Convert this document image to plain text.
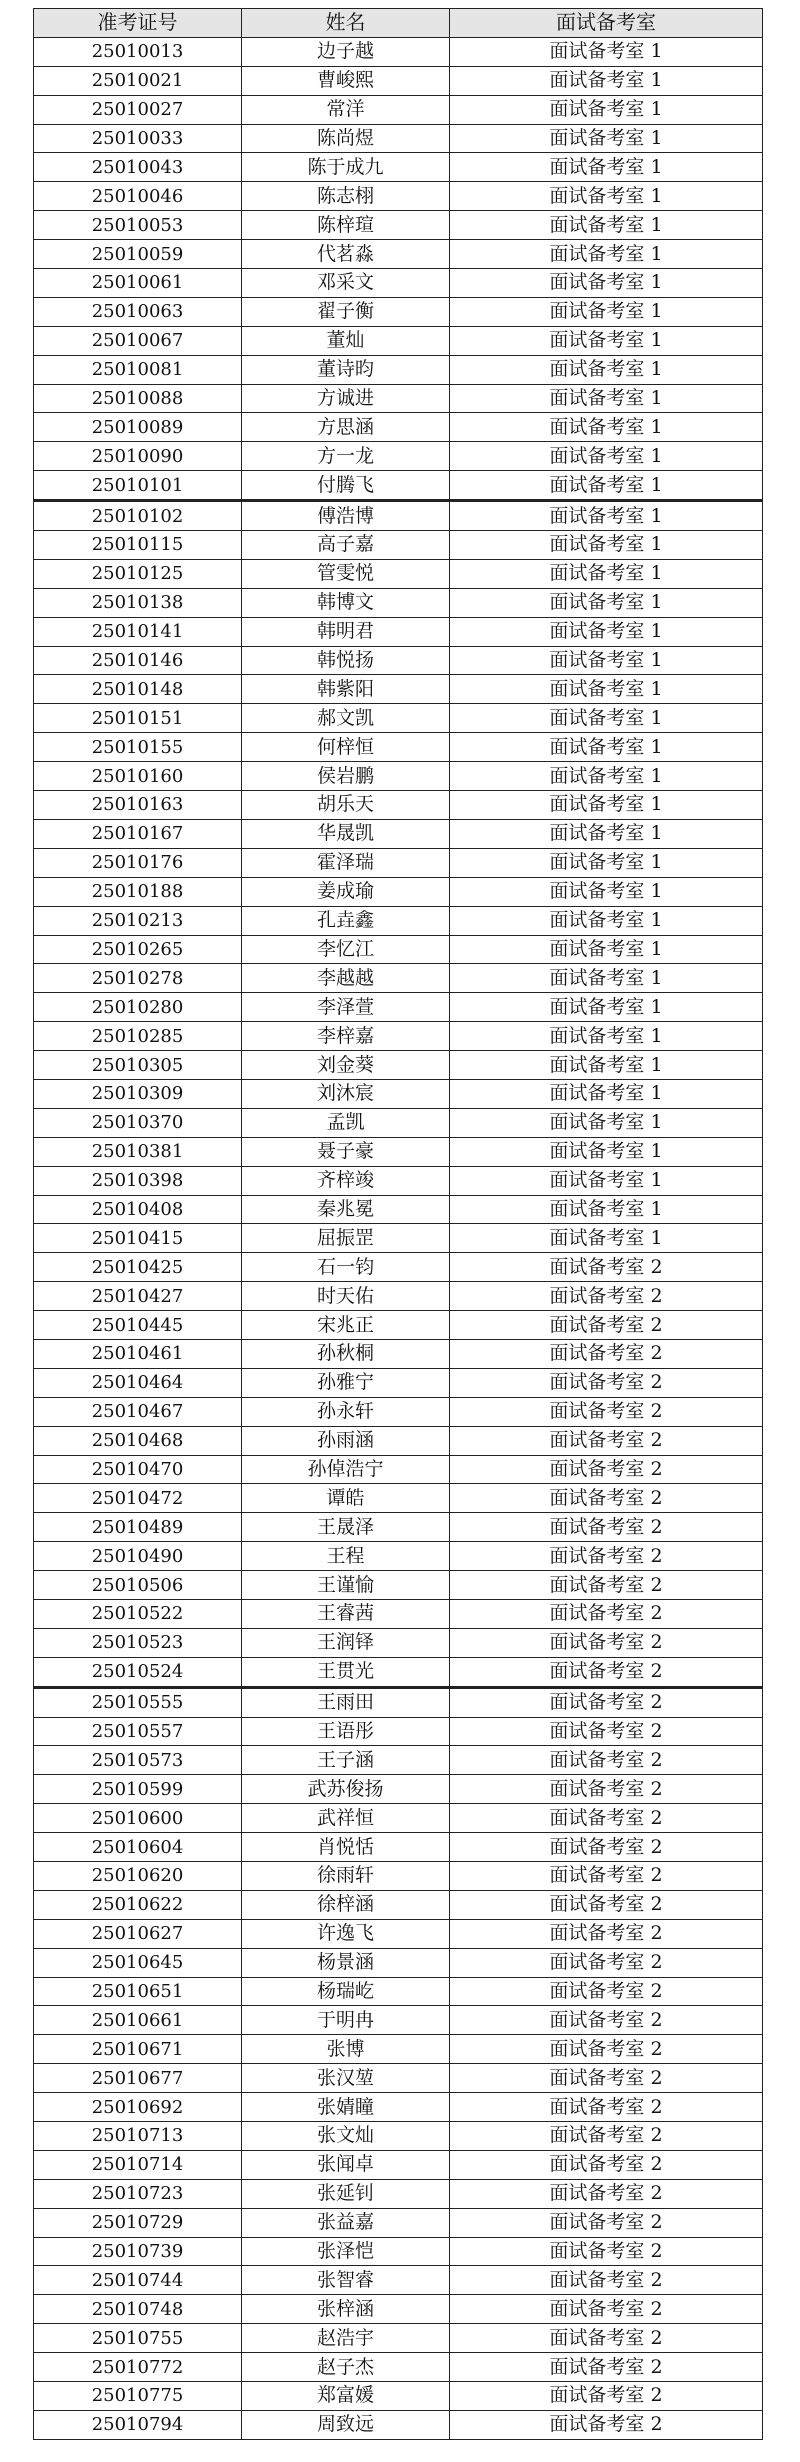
准考证号	姓名	面试备考室
25010013	边子越	面试备考室 1
25010021	曹峻熙	面试备考室 1
25010027	常洋	面试备考室 1
25010033	陈尚煜	面试备考室 1
25010043	陈于成九	面试备考室 1
25010046	陈志栩	面试备考室 1
25010053	陈梓瑄	面试备考室 1
25010059	代茗淼	面试备考室 1
25010061	邓采文	面试备考室 1
25010063	翟子衡	面试备考室 1
25010067	董灿	面试备考室 1
25010081	董诗昀	面试备考室 1
25010088	方诚进	面试备考室 1
25010089	方思涵	面试备考室 1
25010090	方一龙	面试备考室 1
25010101	付腾飞	面试备考室 1
25010102	傅浩博	面试备考室 1
25010115	高子嘉	面试备考室 1
25010125	管雯悦	面试备考室 1
25010138	韩博文	面试备考室 1
25010141	韩明君	面试备考室 1
25010146	韩悦扬	面试备考室 1
25010148	韩紫阳	面试备考室 1
25010151	郝文凯	面试备考室 1
25010155	何梓恒	面试备考室 1
25010160	侯岩鹏	面试备考室 1
25010163	胡乐天	面试备考室 1
25010167	华晟凯	面试备考室 1
25010176	霍泽瑞	面试备考室 1
25010188	姜成瑜	面试备考室 1
25010213	孔垚鑫	面试备考室 1
25010265	李忆江	面试备考室 1
25010278	李越越	面试备考室 1
25010280	李泽萱	面试备考室 1
25010285	李梓嘉	面试备考室 1
25010305	刘金葵	面试备考室 1
25010309	刘沐宸	面试备考室 1
25010370	孟凯	面试备考室 1
25010381	聂子豪	面试备考室 1
25010398	齐梓竣	面试备考室 1
25010408	秦兆冕	面试备考室 1
25010415	屈振罡	面试备考室 1
25010425	石一钧	面试备考室 2
25010427	时天佑	面试备考室 2
25010445	宋兆正	面试备考室 2
25010461	孙秋桐	面试备考室 2
25010464	孙雅宁	面试备考室 2
25010467	孙永轩	面试备考室 2
25010468	孙雨涵	面试备考室 2
25010470	孙倬浩宁	面试备考室 2
25010472	谭皓	面试备考室 2
25010489	王晟泽	面试备考室 2
25010490	王程	面试备考室 2
25010506	王谨愉	面试备考室 2
25010522	王睿茜	面试备考室 2
25010523	王润铎	面试备考室 2
25010524	王贯光	面试备考室 2
25010555	王雨田	面试备考室 2
25010557	王语彤	面试备考室 2
25010573	王子涵	面试备考室 2
25010599	武苏俊扬	面试备考室 2
25010600	武祥恒	面试备考室 2
25010604	肖悦恬	面试备考室 2
25010620	徐雨轩	面试备考室 2
25010622	徐梓涵	面试备考室 2
25010627	许逸飞	面试备考室 2
25010645	杨景涵	面试备考室 2
25010651	杨瑞屹	面试备考室 2
25010661	于明冉	面试备考室 2
25010671	张博	面试备考室 2
25010677	张汉堃	面试备考室 2
25010692	张婧瞳	面试备考室 2
25010713	张文灿	面试备考室 2
25010714	张闻卓	面试备考室 2
25010723	张延钊	面试备考室 2
25010729	张益嘉	面试备考室 2
25010739	张泽恺	面试备考室 2
25010744	张智睿	面试备考室 2
25010748	张梓涵	面试备考室 2
25010755	赵浩宇	面试备考室 2
25010772	赵子杰	面试备考室 2
25010775	郑富媛	面试备考室 2
25010794	周致远	面试备考室 2
